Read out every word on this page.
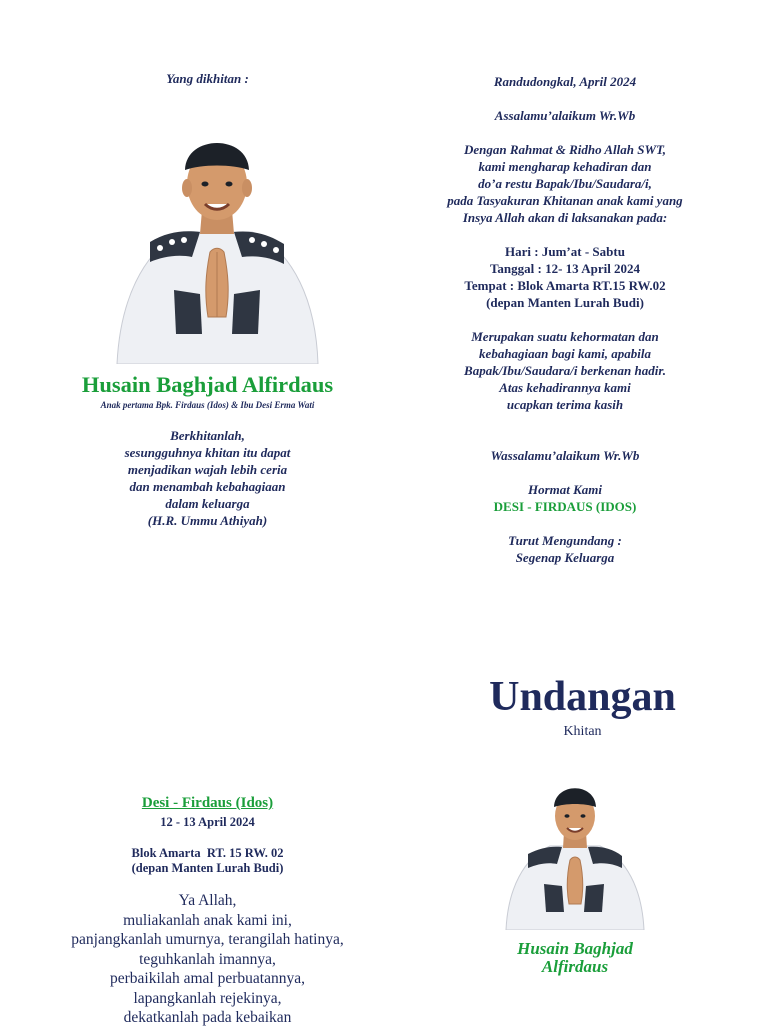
Yang dikhitan :
Husain Baghjad Alfirdaus
Anak pertama Bpk. Firdaus (Idos) & Ibu Desi Erma Wati
Berkhitanlah,
sesungguhnya khitan itu dapat
menjadikan wajah lebih ceria
dan menambah kebahagiaan
dalam keluarga
(H.R. Ummu Athiyah)
Randudongkal, April 2024
Assalamu’alaikum Wr.Wb
Dengan Rahmat & Ridho Allah SWT,
kami mengharap kehadiran dan
do’a restu Bapak/Ibu/Saudara/i,
pada Tasyakuran Khitanan anak kami yang
Insya Allah akan di laksanakan pada:
Hari : Jum’at - Sabtu
Tanggal : 12- 13 April 2024
Tempat : Blok Amarta RT.15 RW.02
(depan Manten Lurah Budi)
Merupakan suatu kehormatan dan
kebahagiaan bagi kami, apabila
Bapak/Ibu/Saudara/i berkenan hadir.
Atas kehadirannya kami
ucapkan terima kasih
Wassalamu’alaikum Wr.Wb
Hormat Kami
DESI - FIRDAUS (IDOS)
Turut Mengundang :
Segenap Keluarga
Undangan
Khitan
Husain Baghjad
Alfirdaus
Desi - Firdaus (Idos)
12 - 13 April 2024
Blok Amarta  RT. 15 RW. 02
(depan Manten Lurah Budi)
Ya Allah,
muliakanlah anak kami ini,
panjangkanlah umurnya, terangilah hatinya,
teguhkanlah imannya,
perbaikilah amal perbuatannya,
lapangkanlah rejekinya,
dekatkanlah pada kebaikan
